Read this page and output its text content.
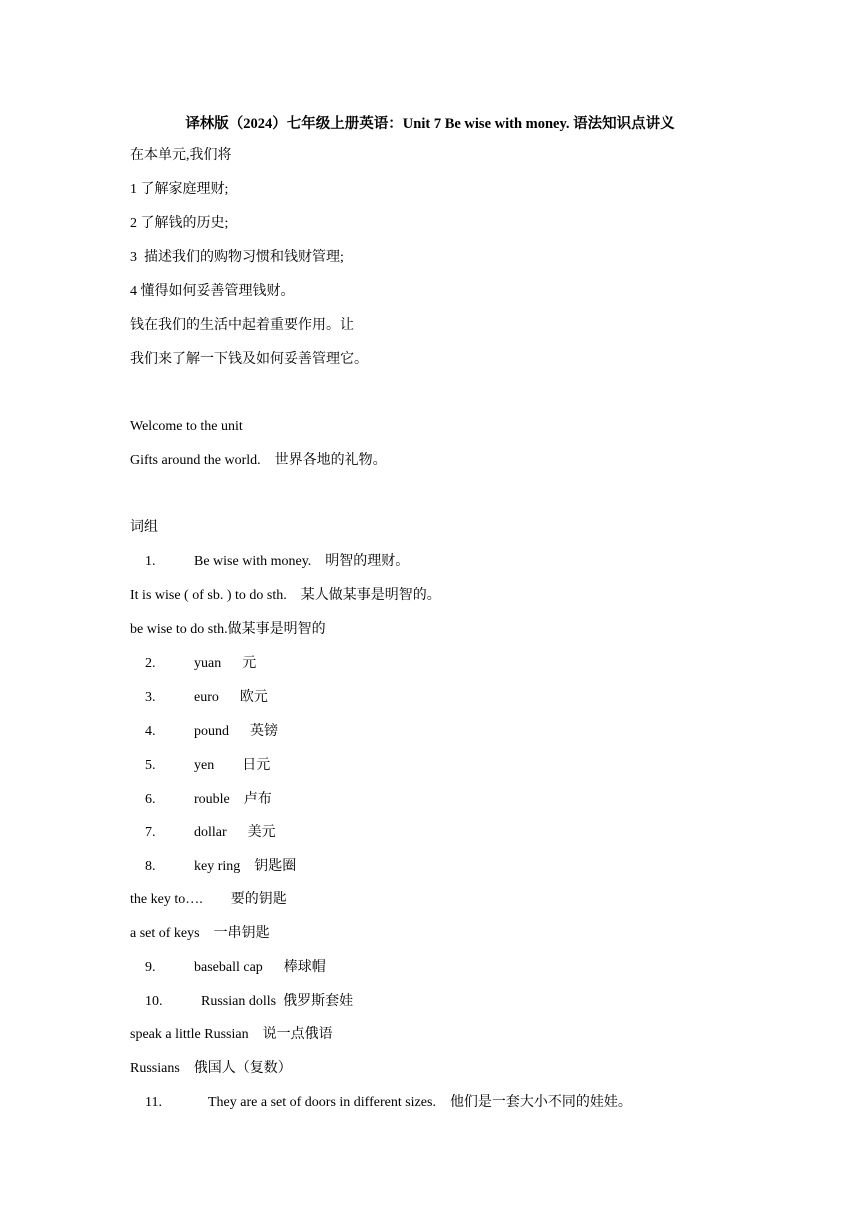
译林版（2024）七年级上册英语：Unit 7 Be wise with money. 语法知识点讲义
在本单元,我们将
1 了解家庭理财;
2 了解钱的历史;
3  描述我们的购物习惯和钱财管理;
4 懂得如何妥善管理钱财。
钱在我们的生活中起着重要作用。让
我们来了解一下钱及如何妥善管理它。
Welcome to the unit
Gifts around the world.    世界各地的礼物。
词组
1.	Be wise with money.    明智的理财。
It is wise ( of sb. ) to do sth.    某人做某事是明智的。
be wise to do sth.做某事是明智的
2.	yuan      元
3.	euro      欧元
4.	pound      英镑
5.	yen        日元
6.	rouble    卢布
7.	dollar      美元
8.	key ring    钥匙圈
the key to….        要的钥匙
a set of keys    一串钥匙
9.	baseball cap      棒球帽
10.	Russian dolls  俄罗斯套娃
speak a little Russian    说一点俄语
Russians    俄国人（复数）
11.	They are a set of doors in different sizes.    他们是一套大小不同的娃娃。
